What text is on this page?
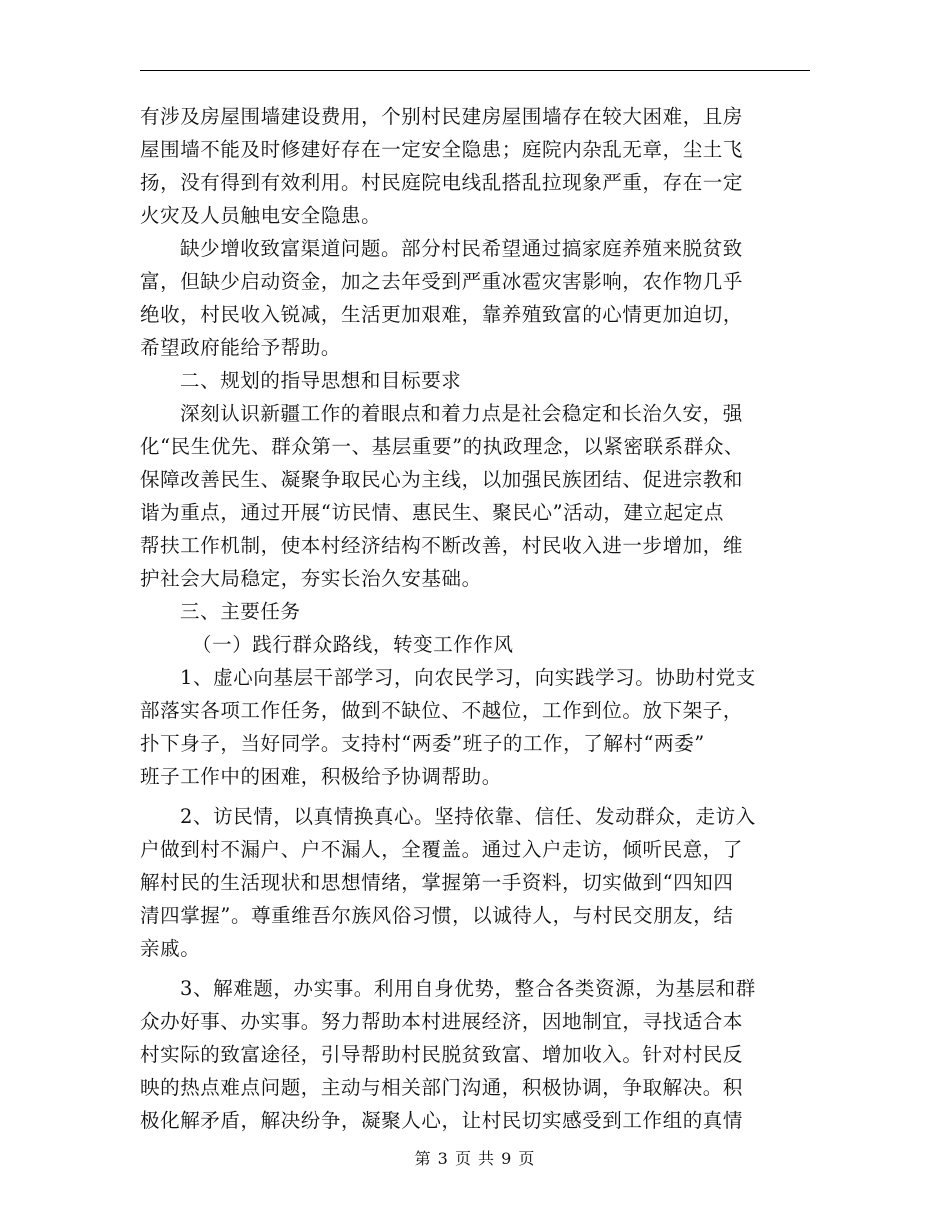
有涉及房屋围墙建设费用，个别村民建房屋围墙存在较大困难，且房
屋围墙不能及时修建好存在一定安全隐患；庭院内杂乱无章，尘土飞
扬，没有得到有效利用。村民庭院电线乱搭乱拉现象严重，存在一定
火灾及人员触电安全隐患。
缺少增收致富渠道问题。部分村民希望通过搞家庭养殖来脱贫致
富，但缺少启动资金，加之去年受到严重冰雹灾害影响，农作物几乎
绝收，村民收入锐减，生活更加艰难，靠养殖致富的心情更加迫切，
希望政府能给予帮助。
二、规划的指导思想和目标要求
深刻认识新疆工作的着眼点和着力点是社会稳定和长治久安，强
化“民生优先、群众第一、基层重要”的执政理念，以紧密联系群众、
保障改善民生、凝聚争取民心为主线，以加强民族团结、促进宗教和
谐为重点，通过开展“访民情、惠民生、聚民心”活动，建立起定点
帮扶工作机制，使本村经济结构不断改善，村民收入进一步增加，维
护社会大局稳定，夯实长治久安基础。
三、主要任务
（一）践行群众路线，转变工作作风
1、虚心向基层干部学习，向农民学习，向实践学习。协助村党支
部落实各项工作任务，做到不缺位、不越位，工作到位。放下架子，
扑下身子，当好同学。支持村“两委”班子的工作，了解村“两委”
班子工作中的困难，积极给予协调帮助。
2、访民情，以真情换真心。坚持依靠、信任、发动群众，走访入
户做到村不漏户、户不漏人，全覆盖。通过入户走访，倾听民意，了
解村民的生活现状和思想情绪，掌握第一手资料，切实做到“四知四
清四掌握”。尊重维吾尔族风俗习惯，以诚待人，与村民交朋友，结
亲戚。
3、解难题，办实事。利用自身优势，整合各类资源，为基层和群
众办好事、办实事。努力帮助本村进展经济，因地制宜，寻找适合本
村实际的致富途径，引导帮助村民脱贫致富、增加收入。针对村民反
映的热点难点问题，主动与相关部门沟通，积极协调，争取解决。积
极化解矛盾，解决纷争，凝聚人心，让村民切实感受到工作组的真情
第 3 页 共 9 页
